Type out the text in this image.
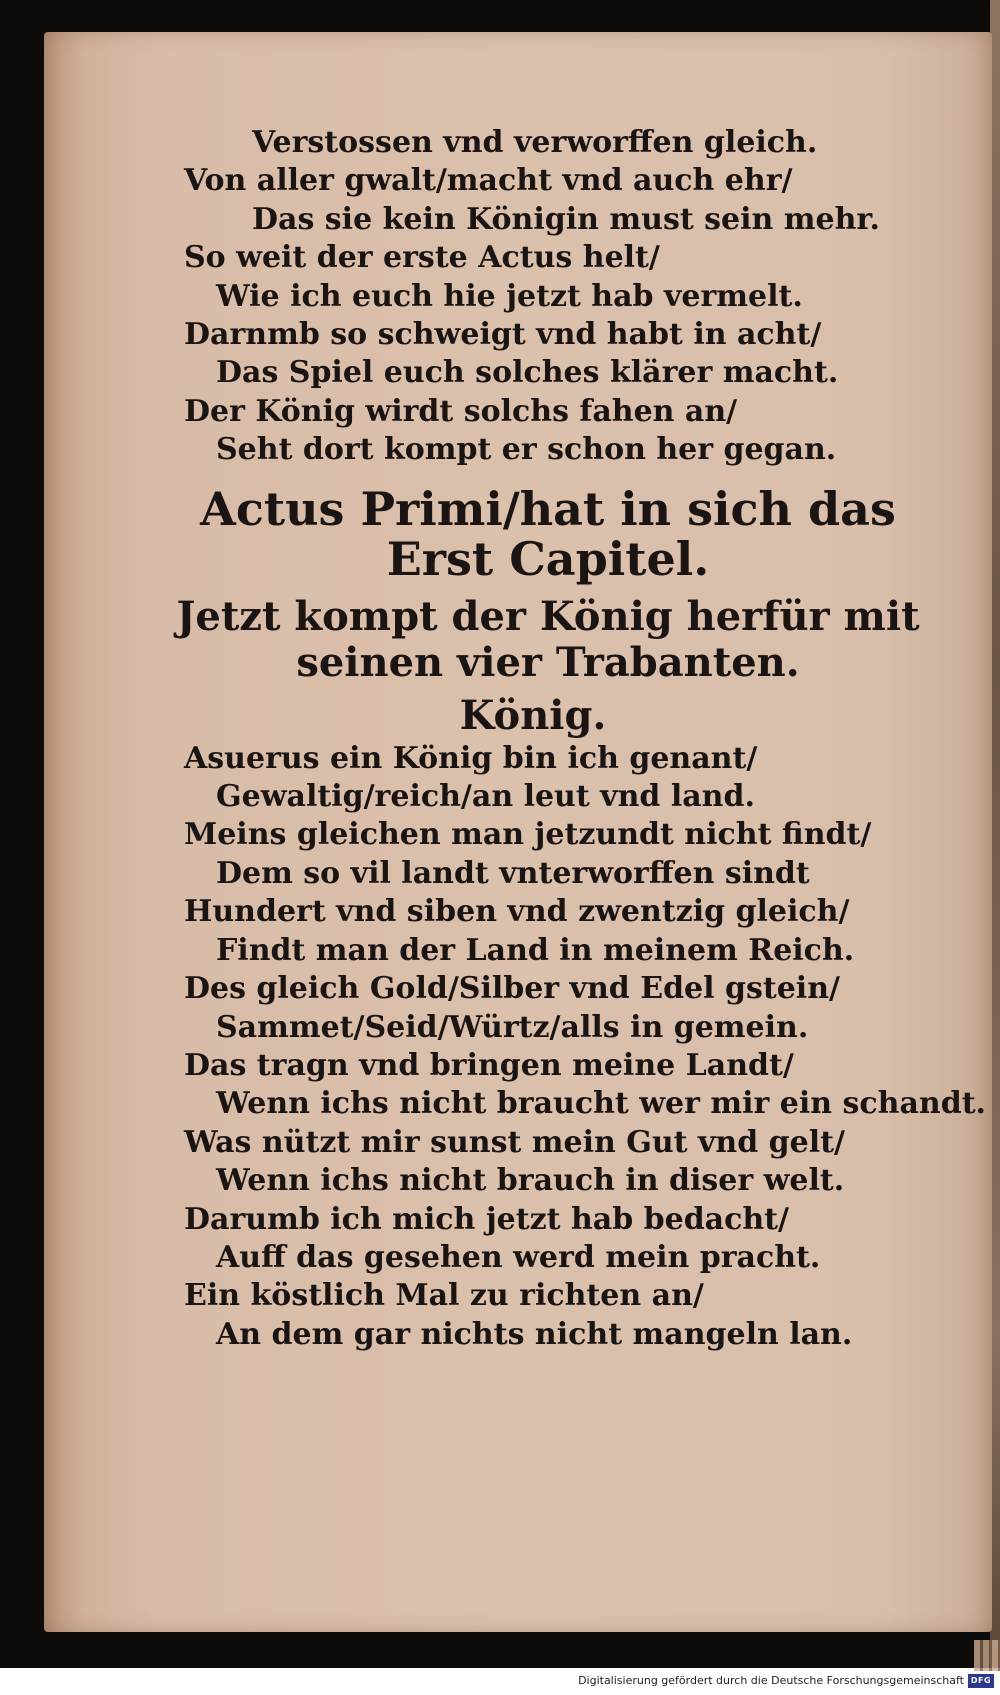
Verstossen vnd verworffen gleich.
Von aller gwalt/macht vnd auch ehr/
Das sie kein Königin must sein mehr.
So weit der erste Actus helt/
Wie ich euch hie jetzt hab vermelt.
Darnmb so schweigt vnd habt in acht/
Das Spiel euch solches klärer macht.
Der König wirdt solchs fahen an/
Seht dort kompt er schon her gegan.
Actus Primi/hat in sich das
Erst Capitel.
Jetzt kompt der König herfür mit
seinen vier Trabanten.
König.
Asuerus ein König bin ich genant/
Gewaltig/reich/an leut vnd land.
Meins gleichen man jetzundt nicht findt/
Dem so vil landt vnterworffen sindt
Hundert vnd siben vnd zwentzig gleich/
Findt man der Land in meinem Reich.
Des gleich Gold/Silber vnd Edel gstein/
Sammet/Seid/Würtz/alls in gemein.
Das tragn vnd bringen meine Landt/
Wenn ichs nicht braucht wer mir ein schandt.
Was nützt mir sunst mein Gut vnd gelt/
Wenn ichs nicht brauch in diser welt.
Darumb ich mich jetzt hab bedacht/
Auff das gesehen werd mein pracht.
Ein köstlich Mal zu richten an/
An dem gar nichts nicht mangeln lan.
Digitalisierung gefördert durch die Deutsche Forschungsgemeinschaft DFG
